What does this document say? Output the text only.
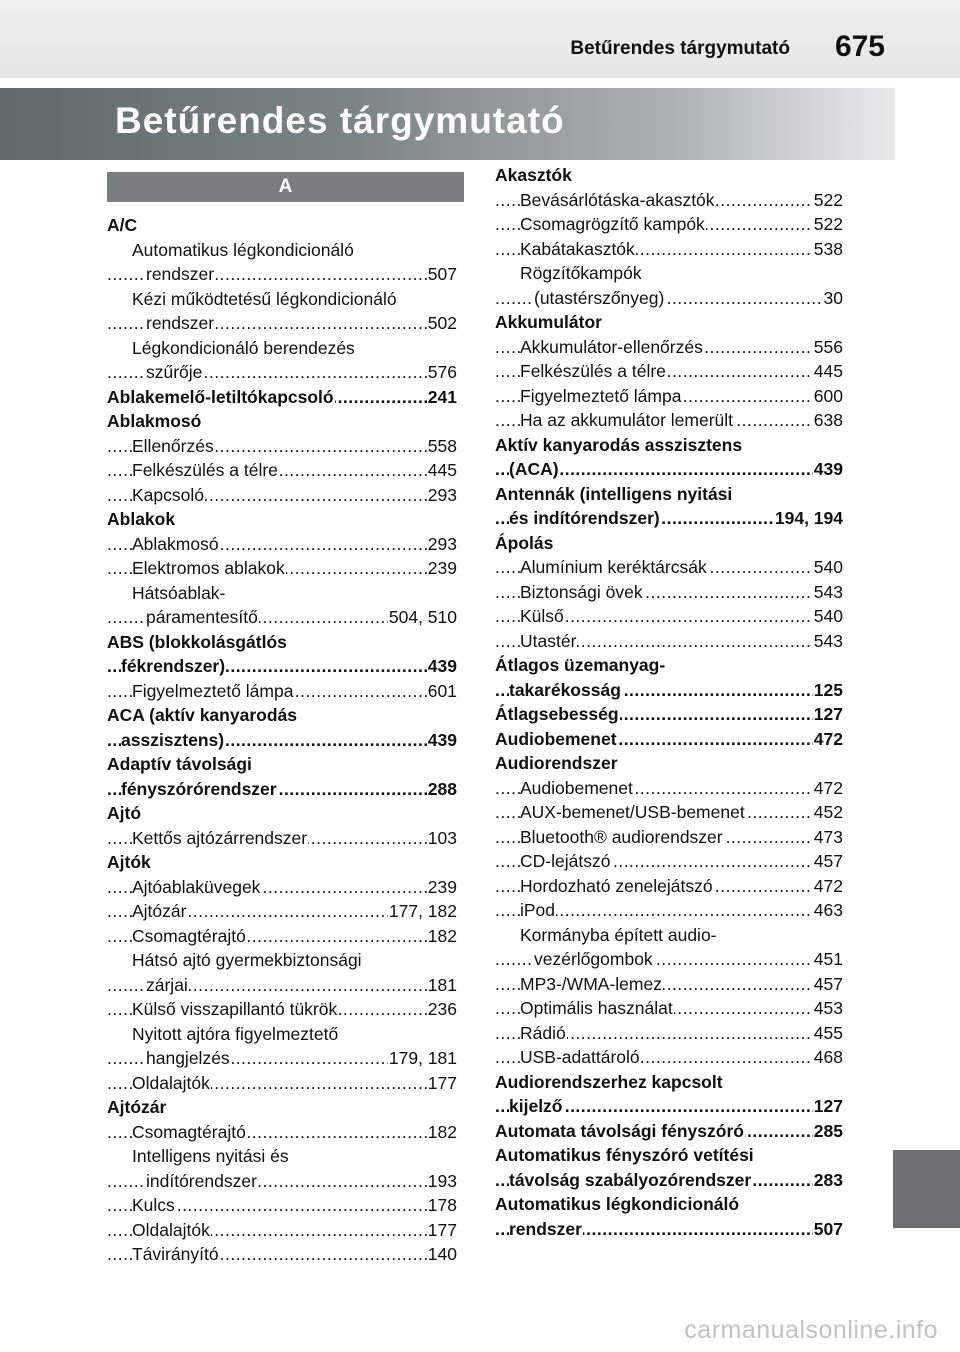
Betűrendes tárgymutató 675
Betűrendes tárgymutató
A
A/C
Automatikus légkondicionáló
..... rendszer	507
Kézi működtetésű légkondicionáló
..... rendszer	502
Légkondicionáló berendezés
..... szűrője	576
..... Ablakemelő-letiltókapcsoló	241
Ablakmosó
..... Ellenőrzés	558
..... Felkészülés a télre	445
..... Kapcsoló	293
Ablakok
..... Ablakmosó	293
..... Elektromos ablakok	239
Hátsóablak-
..... páramentesítő	504, 510
ABS (blokkolásgátlós
..... fékrendszer)	439
..... Figyelmeztető lámpa	601
ACA (aktív kanyarodás
..... asszisztens)	439
Adaptív távolsági
..... fényszórórendszer	288
Ajtó
..... Kettős ajtózárrendszer	103
Ajtók
..... Ajtóablaküvegek	239
..... Ajtózár	177, 182
..... Csomagtérajtó	182
Hátsó ajtó gyermekbiztonsági
..... zárjai	181
..... Külső visszapillantó tükrök	236
Nyitott ajtóra figyelmeztető
..... hangjelzés	179, 181
..... Oldalajtók	177
Ajtózár
..... Csomagtérajtó	182
Intelligens nyitási és
..... indítórendszer	193
..... Kulcs	178
..... Oldalajtók	177
..... Távirányító	140
Akasztók
..... Bevásárlótáska-akasztók	522
..... Csomagrögzítő kampók	522
..... Kabátakasztók	538
Rögzítőkampók
..... (utastérszőnyeg)	30
Akkumulátor
..... Akkumulátor-ellenőrzés	556
..... Felkészülés a télre	445
..... Figyelmeztető lámpa	600
..... Ha az akkumulátor lemerült	638
Aktív kanyarodás asszisztens
..... (ACA)	439
Antennák (intelligens nyitási
..... és indítórendszer)	194, 194
Ápolás
..... Alumínium keréktárcsák	540
..... Biztonsági övek	543
..... Külső	540
..... Utastér	543
Átlagos üzemanyag-
..... takarékosság	125
..... Átlagsebesség	127
..... Audiobemenet	472
Audiorendszer
..... Audiobemenet	472
..... AUX-bemenet/USB-bemenet	452
..... Bluetooth® audiorendszer	473
..... CD-lejátszó	457
..... Hordozható zenelejátszó	472
..... iPod	463
Kormányba épített audio-
..... vezérlőgombok	451
..... MP3-/WMA-lemez	457
..... Optimális használat	453
..... Rádió	455
..... USB-adattároló	468
Audiorendszerhez kapcsolt
..... kijelző	127
..... Automata távolsági fényszóró	285
Automatikus fényszóró vetítési
..... távolság szabályozórendszer	283
Automatikus légkondicionáló
..... rendszer	507
carmanualsonline.info
